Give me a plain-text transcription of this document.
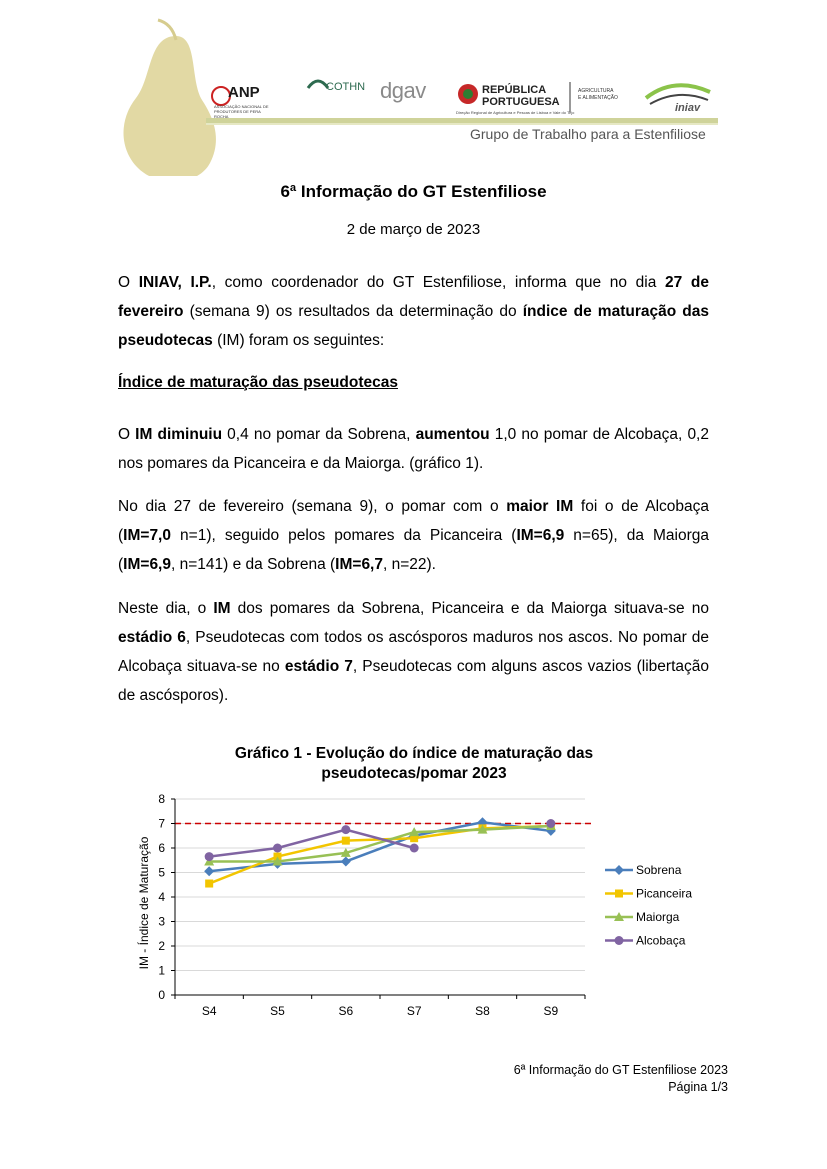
ANP
ASSOCIAÇÃO NACIONAL DE PRODUTORES DE PERA ROCHA
COTHN dgav	REPÚBLICA
PORTUGUESA
AGRICULTURA
E ALIMENTAÇÃO
Direção Regional de Agricultura e Pescas de Lisboa e Vale do Tejo	iniav
Grupo de Trabalho para a Estenfiliose
6ª Informação do GT Estenfiliose
2 de março de 2023
O INIAV, I.P., como coordenador do GT Estenfiliose, informa que no dia 27 de fevereiro (semana 9) os resultados da determinação do índice de maturação das pseudotecas (IM) foram os seguintes:
Índice de maturação das pseudotecas
O IM diminuiu 0,4 no pomar da Sobrena, aumentou 1,0 no pomar de Alcobaça, 0,2 nos pomares da Picanceira e da Maiorga. (gráfico 1).
No dia 27 de fevereiro (semana 9), o pomar com o maior IM foi o de Alcobaça (IM=7,0 n=1), seguido pelos pomares da Picanceira (IM=6,9 n=65), da Maiorga (IM=6,9, n=141) e da Sobrena (IM=6,7, n=22).
Neste dia, o IM dos pomares da Sobrena, Picanceira e da Maiorga situava-se no estádio 6, Pseudotecas com todos os ascósporos maduros nos ascos. No pomar de Alcobaça situava-se no estádio 7, Pseudotecas com alguns ascos vazios (libertação de ascósporos).
Gráfico 1 - Evolução do índice de maturação das
pseudotecas/pomar 2023
IM - Índice de Maturação
0
1
2
3
4
5
6
7
8
S4	S5	S6	S7	S8	S9
Sobrena
Picanceira
Maiorga
Alcobaça
6ª Informação do GT Estenfiliose 2023
Página 1/3
